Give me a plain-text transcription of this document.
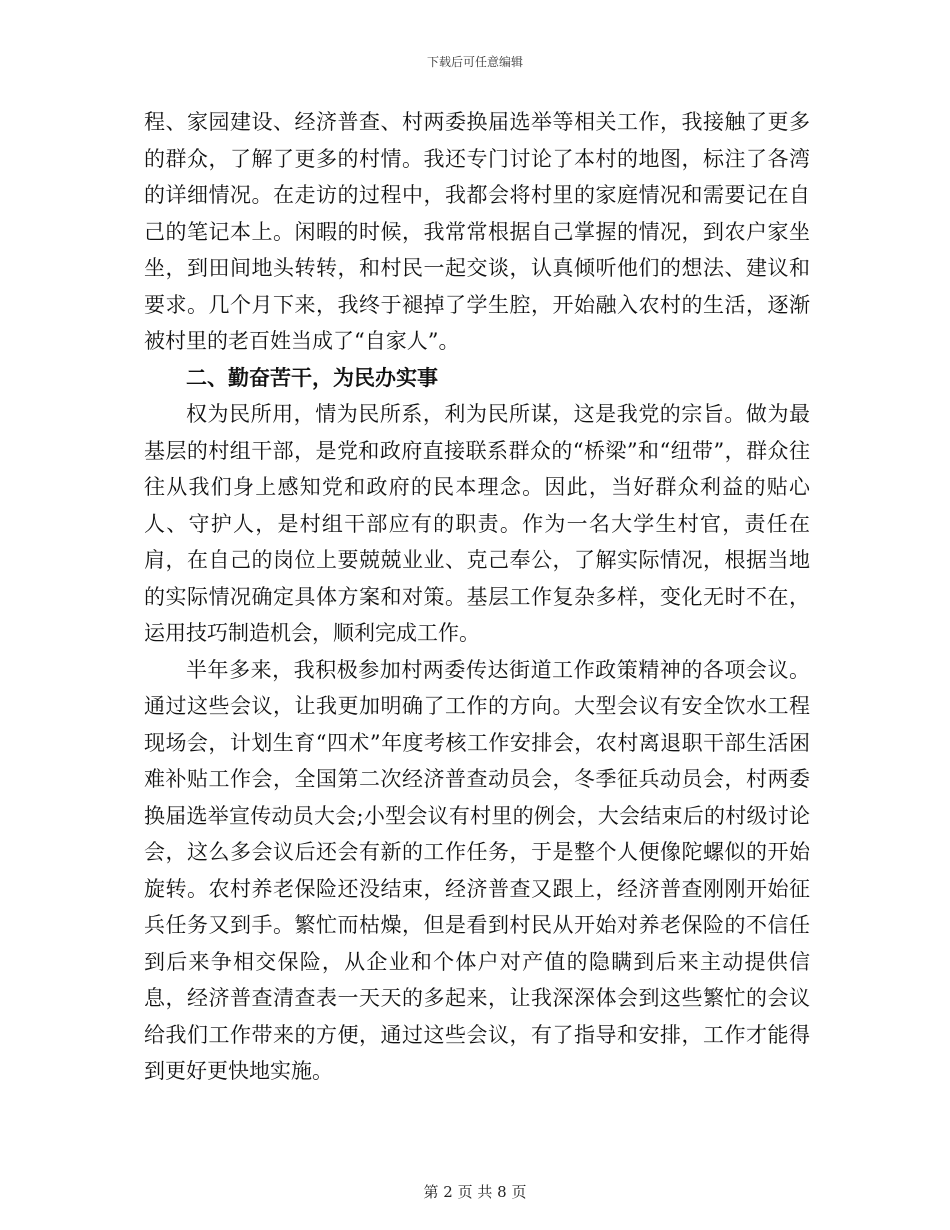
下载后可任意编辑

程、家园建设、经济普查、村两委换届选举等相关工作，我接触了更多的群众，了解了更多的村情。我还专门讨论了本村的地图，标注了各湾的详细情况。在走访的过程中，我都会将村里的家庭情况和需要记在自己的笔记本上。闲暇的时候，我常常根据自己掌握的情况，到农户家坐坐，到田间地头转转，和村民一起交谈，认真倾听他们的想法、建议和要求。几个月下来，我终于褪掉了学生腔，开始融入农村的生活，逐渐被村里的老百姓当成了“自家人”。

二、勤奋苦干，为民办实事

权为民所用，情为民所系，利为民所谋，这是我党的宗旨。做为最基层的村组干部，是党和政府直接联系群众的“桥梁”和“纽带”，群众往往从我们身上感知党和政府的民本理念。因此，当好群众利益的贴心人、守护人，是村组干部应有的职责。作为一名大学生村官，责任在肩，在自己的岗位上要兢兢业业、克己奉公，了解实际情况，根据当地的实际情况确定具体方案和对策。基层工作复杂多样，变化无时不在，运用技巧制造机会，顺利完成工作。

半年多来，我积极参加村两委传达街道工作政策精神的各项会议。通过这些会议，让我更加明确了工作的方向。大型会议有安全饮水工程现场会，计划生育“四术”年度考核工作安排会，农村离退职干部生活困难补贴工作会，全国第二次经济普查动员会，冬季征兵动员会，村两委换届选举宣传动员大会;小型会议有村里的例会，大会结束后的村级讨论会，这么多会议后还会有新的工作任务，于是整个人便像陀螺似的开始旋转。农村养老保险还没结束，经济普查又跟上，经济普查刚刚开始征兵任务又到手。繁忙而枯燥，但是看到村民从开始对养老保险的不信任到后来争相交保险，从企业和个体户对产值的隐瞒到后来主动提供信息，经济普查清查表一天天的多起来，让我深深体会到这些繁忙的会议给我们工作带来的方便，通过这些会议，有了指导和安排，工作才能得到更好更快地实施。

第 2 页 共 8 页
